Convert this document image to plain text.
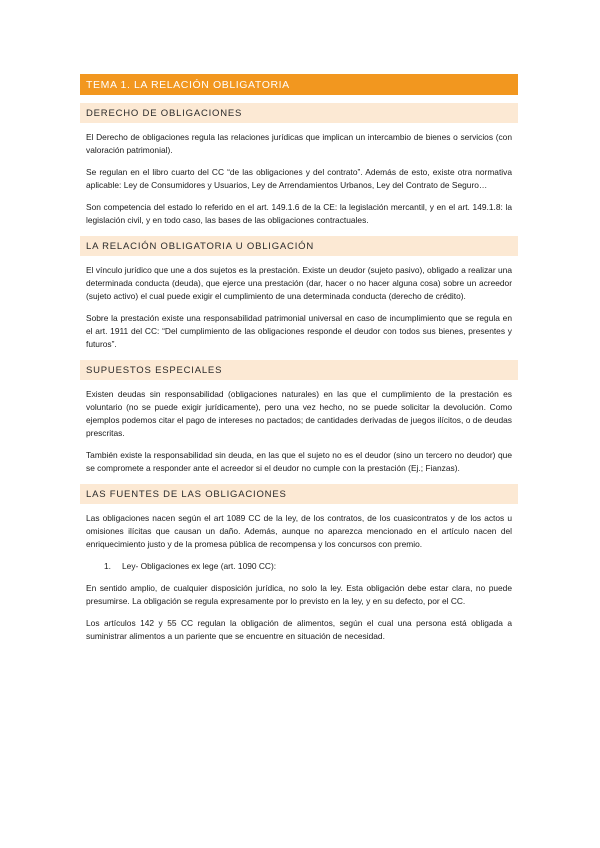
TEMA 1. LA RELACIÓN OBLIGATORIA
DERECHO DE OBLIGACIONES

El Derecho de obligaciones regula las relaciones jurídicas que implican un intercambio de bienes o servicios (con valoración patrimonial).

Se regulan en el libro cuarto del CC “de las obligaciones y del contrato”. Además de esto, existe otra normativa aplicable: Ley de Consumidores y Usuarios, Ley de Arrendamientos Urbanos, Ley del Contrato de Seguro…

Son competencia del estado lo referido en el art. 149.1.6 de la CE: la legislación mercantil, y en el art. 149.1.8: la legislación civil, y en todo caso, las bases de las obligaciones contractuales.

LA RELACIÓN OBLIGATORIA U OBLIGACIÓN

El vínculo jurídico que une a dos sujetos es la prestación. Existe un deudor (sujeto pasivo), obligado a realizar una determinada conducta (deuda), que ejerce una prestación (dar, hacer o no hacer alguna cosa) sobre un acreedor (sujeto activo) el cual puede exigir el cumplimiento de una determinada conducta (derecho de crédito).

Sobre la prestación existe una responsabilidad patrimonial universal en caso de incumplimiento que se regula en el art. 1911 del CC: “Del cumplimiento de las obligaciones responde el deudor con todos sus bienes, presentes y futuros”.

SUPUESTOS ESPECIALES

Existen deudas sin responsabilidad (obligaciones naturales) en las que el cumplimiento de la prestación es voluntario (no se puede exigir jurídicamente), pero una vez hecho, no se puede solicitar la devolución. Como ejemplos podemos citar el pago de intereses no pactados; de cantidades derivadas de juegos ilícitos, o de deudas prescritas.

También existe la responsabilidad sin deuda, en las que el sujeto no es el deudor (sino un tercero no deudor) que se compromete a responder ante el acreedor si el deudor no cumple con la prestación (Ej.; Fianzas).

LAS FUENTES DE LAS OBLIGACIONES

Las obligaciones nacen según el art 1089 CC de la ley, de los contratos, de los cuasicontratos y de los actos u omisiones ilícitas que causan un daño. Además, aunque no aparezca mencionado en el artículo nacen del enriquecimiento justo y de la promesa pública de recompensa y los concursos con premio.

1.	Ley- Obligaciones ex lege (art. 1090 CC):

En sentido amplio, de cualquier disposición jurídica, no solo la ley. Esta obligación debe estar clara, no puede presumirse. La obligación se regula expresamente por lo previsto en la ley, y en su defecto, por el CC.

Los artículos 142 y 55 CC regulan la obligación de alimentos, según el cual una persona está obligada a suministrar alimentos a un pariente que se encuentre en situación de necesidad.
